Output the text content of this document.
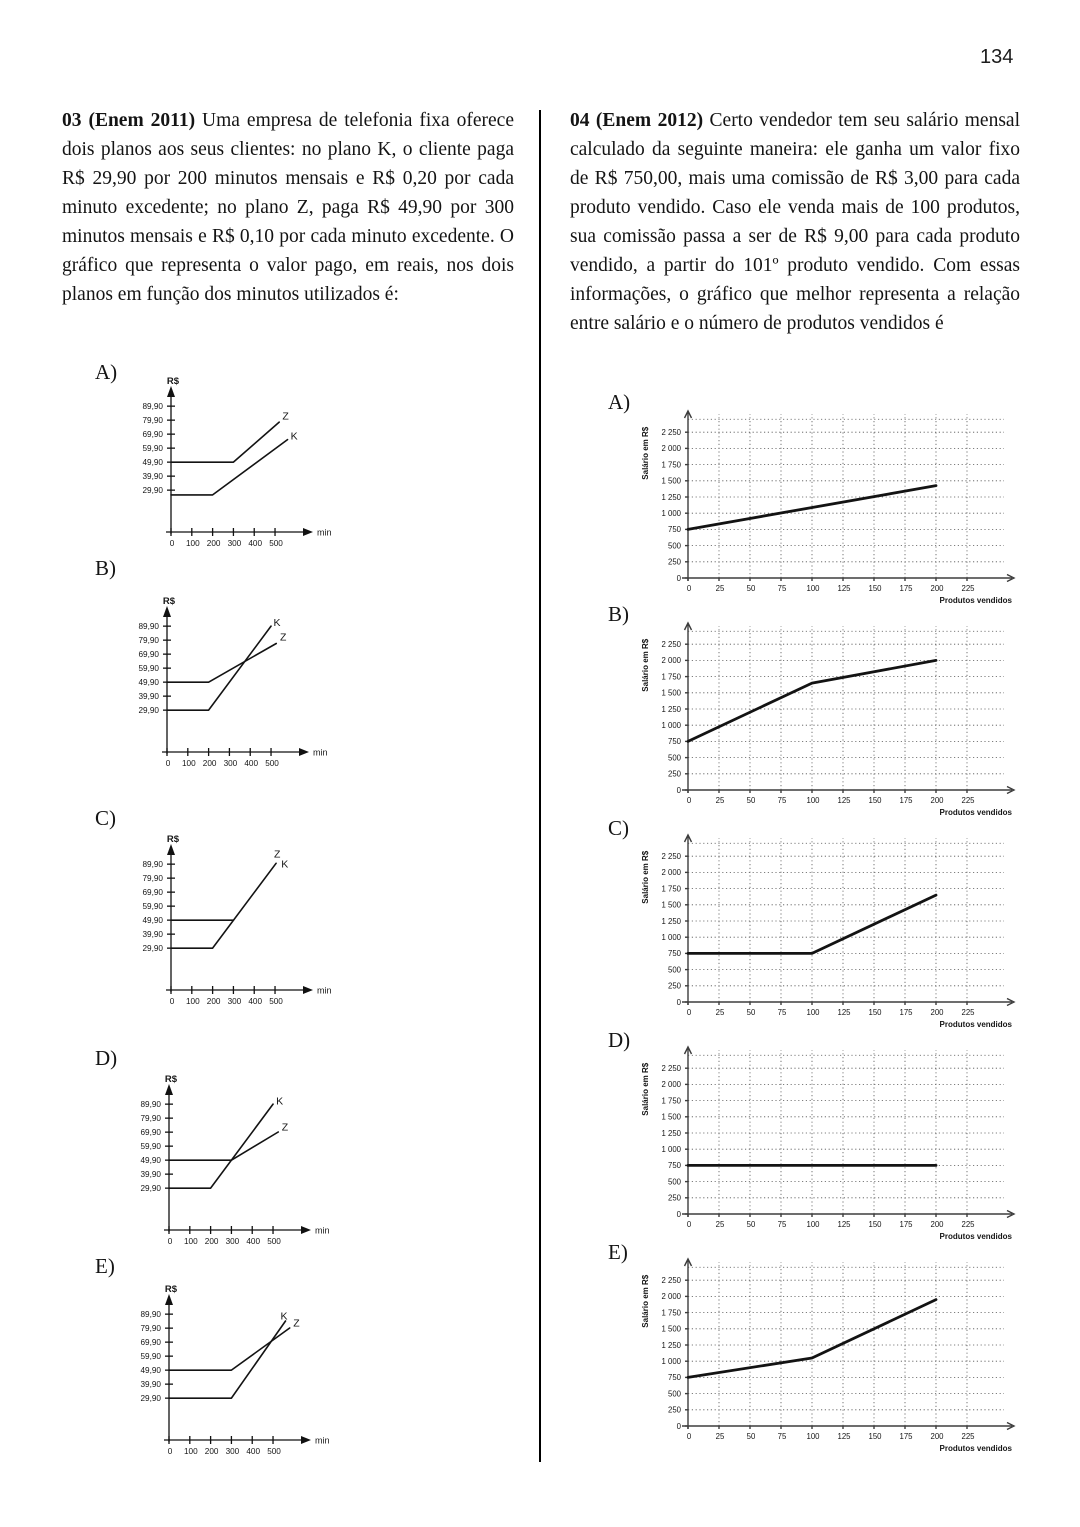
134

03 (Enem 2011) Uma empresa de telefonia fixa oferece dois planos aos seus clientes: no plano K, o cliente paga R$ 29,90 por 200 minutos mensais e R$ 0,20 por cada minuto excedente; no plano Z, paga R$ 49,90 por 300 minutos mensais e R$ 0,10 por cada minuto excedente. O gráfico que representa o valor pago, em reais, nos dois planos em função dos minutos utilizados é:

04 (Enem 2012) Certo vendedor tem seu salário mensal calculado da seguinte maneira: ele ganha um valor fixo de R$ 750,00, mais uma comissão de R$ 3,00 para cada produto vendido. Caso ele venda mais de 100 produtos, sua comissão passa a ser de R$ 9,00 para cada produto vendido, a partir do 101º produto vendido. Com essas informações, o gráfico que melhor representa a relação entre salário e o número de produtos vendidos é

A)	R$
min
29,90
39,90
49,90
59,90
69,90
79,90
89,90
0 100 200 300 400 500
Z
K
B)
R$
min
29,90
39,90
49,90
59,90
69,90
79,90
89,90
0 100 200 300 400 500
K
Z
C)
R$
min
29,90
39,90
49,90
59,90
69,90
79,90
89,90
0 100 200 300 400 500
Z
K
D)
R$
min
29,90
39,90
49,90
59,90
69,90
79,90
89,90
0 100 200 300 400 500
K
Z
E)
R$
min
29,90
39,90
49,90
59,90
69,90
79,90
89,90
0 100 200 300 400 500
K
Z
A)
0
250
500
750
1 000
1 250
1 500
1 750
2 000
2 250
0	25	50	75	100 125 150 175 200 225
Salário em R$
Produtos vendidos
B)
0
250
500
750
1 000
1 250
1 500
1 750
2 000
2 250
0	25	50	75	100 125 150 175 200 225
Salário em R$
Produtos vendidos
C)
0
250
500
750
1 000
1 250
1 500
1 750
2 000
2 250
0	25	50	75	100 125 150 175 200 225
Salário em R$
Produtos vendidos
D)
0
250
500
750
1 000
1 250
1 500
1 750
2 000
2 250
0	25	50	75	100 125 150 175 200 225
Salário em R$
Produtos vendidos
E)
0
250
500
750
1 000
1 250
1 500
1 750
2 000
2 250
0	25	50	75	100 125 150 175 200 225
Salário em R$
Produtos vendidos
